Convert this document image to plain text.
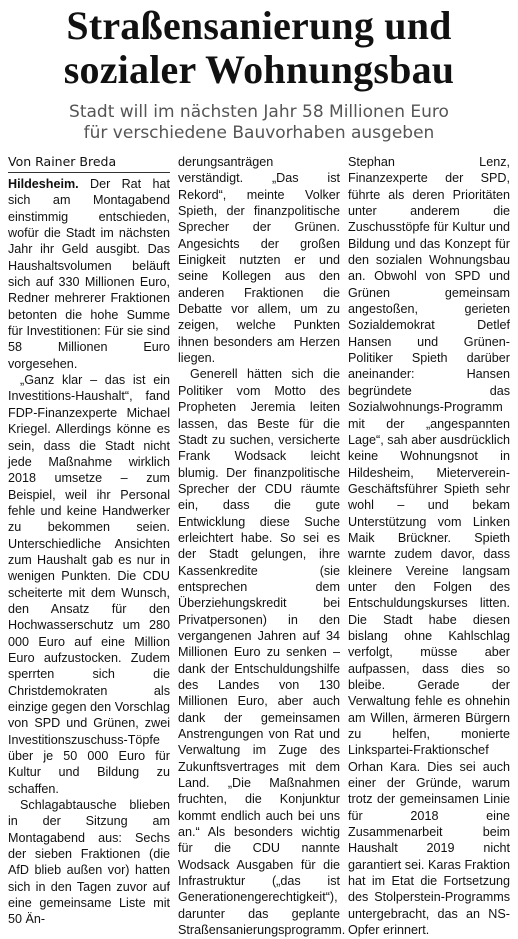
Straßensanierung und
sozialer Wohnungsbau
Stadt will im nächsten Jahr 58 Millionen Euro
für verschiedene Bauvorhaben ausgeben
Von Rainer Breda

Hildesheim. Der Rat hat sich am Montagabend einstimmig entschieden, wofür die Stadt im nächsten Jahr ihr Geld ausgibt. Das Haushaltsvolumen beläuft sich auf 330 Millionen Euro, Redner mehrerer Fraktionen betonten die hohe Summe für Investitionen: Für sie sind 58 Millionen Euro vorgesehen.

„Ganz klar – das ist ein Investitions-Haushalt“, fand FDP-Finanzexperte Michael Kriegel. Allerdings könne es sein, dass die Stadt nicht jede Maßnahme wirklich 2018 umsetze – zum Beispiel, weil ihr Personal fehle und keine Handwerker zu bekommen seien. Unterschiedliche Ansichten zum Haushalt gab es nur in wenigen Punkten. Die CDU scheiterte mit dem Wunsch, den Ansatz für den Hochwasserschutz um 280 000 Euro auf eine Million Euro aufzustocken. Zudem sperrten sich die Christdemokraten als einzige gegen den Vorschlag von SPD und Grünen, zwei Investitionszuschuss-Töpfe über je 50 000 Euro für Kultur und Bildung zu schaffen.

Schlagabtausche blieben in der Sitzung am Montagabend aus: Sechs der sieben Fraktionen (die AfD blieb außen vor) hatten sich in den Tagen zuvor auf eine gemeinsame Liste mit 50 Än-

derungsanträgen verständigt. „Das ist Rekord“, meinte Volker Spieth, der finanzpolitische Sprecher der Grünen. Angesichts der großen Einigkeit nutzten er und seine Kollegen aus den anderen Fraktionen die Debatte vor allem, um zu zeigen, welche Punkten ihnen besonders am Herzen liegen.

Generell hätten sich die Politiker vom Motto des Propheten Jeremia leiten lassen, das Beste für die Stadt zu suchen, versicherte Frank Wodsack leicht blumig. Der finanzpolitische Sprecher der CDU räumte ein, dass die gute Entwicklung diese Suche erleichtert habe. So sei es der Stadt gelungen, ihre Kassenkredite (sie entsprechen dem Überziehungskredit bei Privatpersonen) in den vergangenen Jahren auf 34 Millionen Euro zu senken – dank der Entschuldungshilfe des Landes von 130 Millionen Euro, aber auch dank der gemeinsamen Anstrengungen von Rat und Verwaltung im Zuge des Zukunftsvertrages mit dem Land. „Die Maßnahmen fruchten, die Konjunktur kommt endlich auch bei uns an.“ Als besonders wichtig für die CDU nannte Wodsack Ausgaben für die Infrastruktur („das ist Generationengerechtigkeit“), darunter das geplante Straßensanierungsprogramm.

Stephan Lenz, Finanzexperte der SPD, führte als deren Prioritäten unter anderem die Zuschusstöpfe für Kultur und Bildung und das Konzept für den sozialen Wohnungsbau an. Obwohl von SPD und Grünen gemeinsam angestoßen, gerieten Sozialdemokrat Detlef Hansen und Grünen-Politiker Spieth darüber aneinander: Hansen begründete das Sozialwohnungs-Programm mit der „angespannten Lage“, sah aber ausdrücklich keine Wohnungsnot in Hildesheim, Mieterverein-Geschäftsführer Spieth sehr wohl – und bekam Unterstützung vom Linken Maik Brückner. Spieth warnte zudem davor, dass kleinere Vereine langsam unter den Folgen des Entschuldungskurses litten. Die Stadt habe diesen bislang ohne Kahlschlag verfolgt, müsse aber aufpassen, dass dies so bleibe. Gerade der Verwaltung fehle es ohnehin am Willen, ärmeren Bürgern zu helfen, monierte Linkspartei-Fraktionschef Orhan Kara. Dies sei auch einer der Gründe, warum trotz der gemeinsamen Linie für 2018 eine Zusammenarbeit beim Haushalt 2019 nicht garantiert sei. Karas Fraktion hat im Etat die Fortsetzung des Stolperstein-Programms untergebracht, das an NS-Opfer erinnert.
